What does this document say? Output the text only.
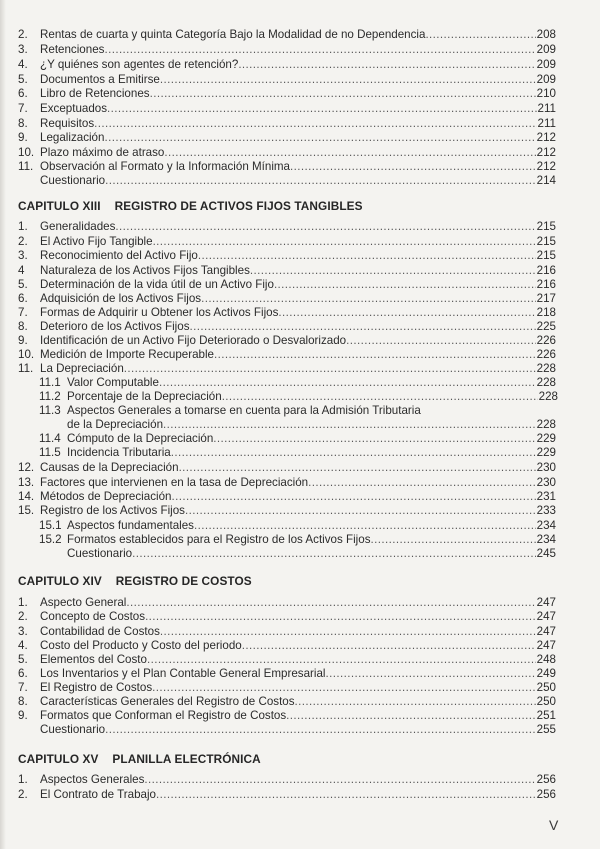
2.	Rentas de cuarta y quinta Categoría Bajo la Modalidad de no Dependencia .....	208
3.	Retenciones .....	209
4.	¿Y quiénes son agentes de retención? .....	209
5.	Documentos a Emitirse .....	209
6.	Libro de Retenciones .....	210
7.	Exceptuados .....	211
8.	Requisitos .....	211
9.	Legalización .....	212
10. Plazo máximo de atraso .....	212
11. Observación al Formato y la Información Mínima .....	212
Cuestionario .....	214
CAPITULO XIII REGISTRO DE ACTIVOS FIJOS TANGIBLES
1.	Generalidades .....	215
2.	El Activo Fijo Tangible .....	215
3.	Reconocimiento del Activo Fijo .....	215
4	Naturaleza de los Activos Fijos Tangibles .....	216
5.	Determinación de la vida útil de un Activo Fijo .....	216
6.	Adquisición de los Activos Fijos .....	217
7.	Formas de Adquirir u Obtener los Activos Fijos .....	218
8.	Deterioro de los Activos Fijos .....	225
9.	Identificación de un Activo Fijo Deteriorado o Desvalorizado .....	226
10. Medición de Importe Recuperable .....	226
11. La Depreciación .....	228
11.1 Valor Computable .....	228
11.2 Porcentaje de la Depreciación .....	228
11.3 Aspectos Generales a tomarse en cuenta para la Admisión Tributaria
de la Depreciación .....	228
11.4 Cómputo de la Depreciación .....	229
11.5 Incidencia Tributaria .....	229
12. Causas de la Depreciación .....	230
13. Factores que intervienen en la tasa de Depreciación .....	230
14. Métodos de Depreciación .....	231
15. Registro de los Activos Fijos .....	233
15.1 Aspectos fundamentales .....	234
15.2 Formatos establecidos para el Registro de los Activos Fijos .....	234
Cuestionario .....	245
CAPITULO XIV REGISTRO DE COSTOS
1.	Aspecto General .....	247
2.	Concepto de Costos .....	247
3.	Contabilidad de Costos .....	247
4.	Costo del Producto y Costo del periodo .....	247
5.	Elementos del Costo .....	248
6.	Los Inventarios y el Plan Contable General Empresarial .....	249
7.	El Registro de Costos .....	250
8.	Características Generales del Registro de Costos .....	250
9.	Formatos que Conforman el Registro de Costos .....	251
Cuestionario .....	255
CAPITULO XV PLANILLA ELECTRÓNICA
1.	Aspectos Generales .....	256
2.	El Contrato de Trabajo .....	256
V
